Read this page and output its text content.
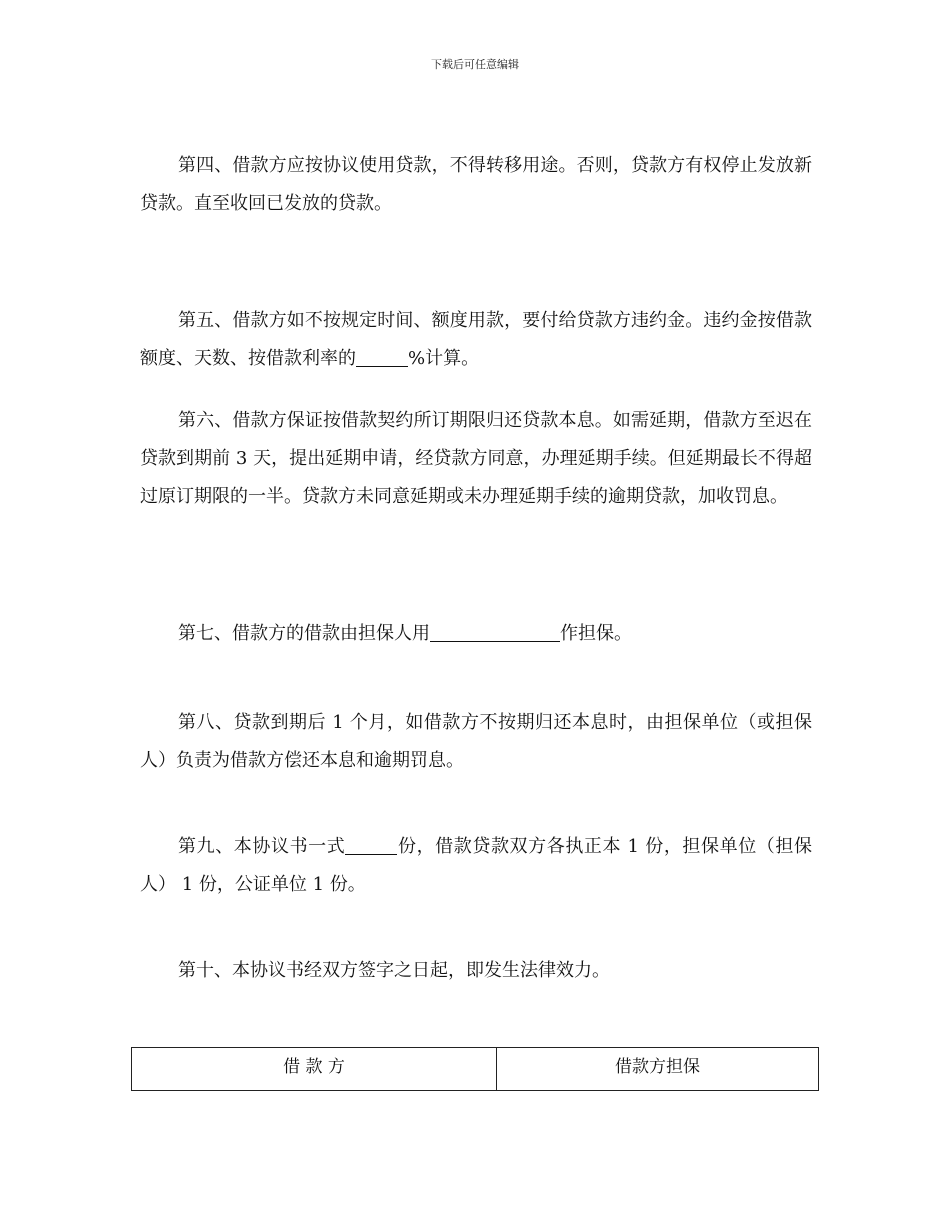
下载后可任意编辑

第四、借款方应按协议使用贷款，不得转移用途。否则，贷款方有权停止发放新贷款。直至收回已发放的贷款。

第五、借款方如不按规定时间、额度用款，要付给贷款方违约金。违约金按借款额度、天数、按借款利率的	%计算。

第六、借款方保证按借款契约所订期限归还贷款本息。如需延期，借款方至迟在贷款到期前 3 天，提出延期申请，经贷款方同意，办理延期手续。但延期最长不得超过原订期限的一半。贷款方未同意延期或未办理延期手续的逾期贷款，加收罚息。

第七、借款方的借款由担保人用	作担保。

第八、贷款到期后 1 个月，如借款方不按期归还本息时，由担保单位（或担保人）负责为借款方偿还本息和逾期罚息。

第九、本协议书一式	份，借款贷款双方各执正本 1 份，担保单位（担保人） 1 份，公证单位 1 份。

第十、本协议书经双方签字之日起，即发生法律效力。

借 款 方	借款方担保
